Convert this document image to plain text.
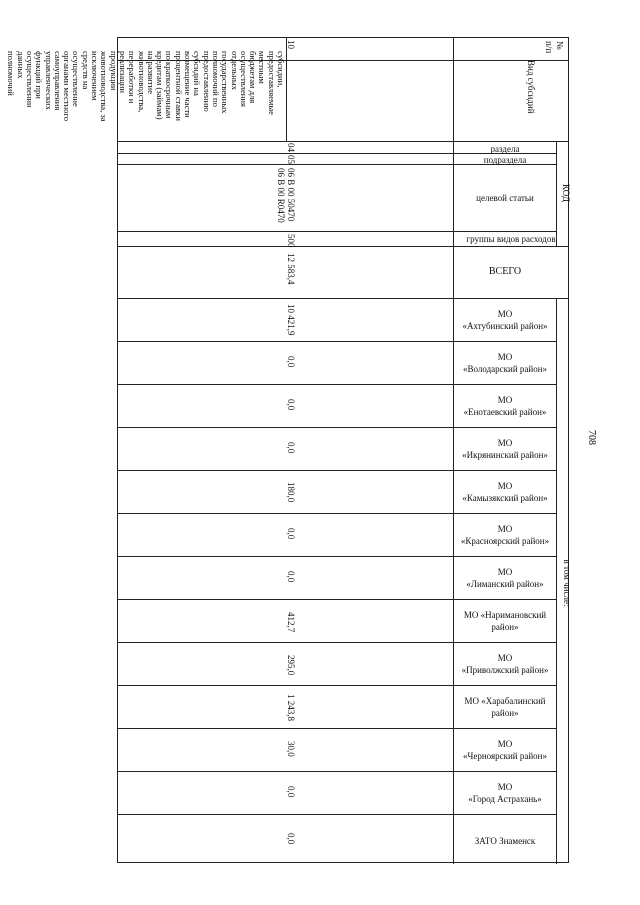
№
п/п
Вид субсидий
раздела
подраздела
целевой статьи
группы видов расходов
КОД
ВСЕГО
в том числе:
10
субсидии,
предоставляемые
местным
бюджетам для
осуществления
отдельных
государственных
полномочий по
предоставлению
субсидий на
возмещение части
процентной ставки
по краткосрочным
кредитам (займам)
на развитие
животноводства,
переработки и
реализации
продукции
животноводства, за
исключением
средств на
осуществление
органами местного
самоуправления
управленческих
функций при
осуществлении
данных
полномочий
04
05
06 В 00 50470
06 В 00 R0470
500
12 583,4
МО
«Ахтубинский район»
10 421,9
МО
«Володарский район»
0,0
МО
«Енотаевский район»
0,0
МО
«Икрянинский район»
0,0
МО
«Камызякский район»
180,0
МО
«Красноярский район»
0,0
МО
«Лиманский район»
0,0
МО «Наримановский
район»
412,7
МО
«Приволжский район»
295,0
МО «Харабалинский
район»
1 243,8
МО
«Черноярский район»
30,0
МО
«Город Астрахань»
0,0
ЗАТО Знаменск
0,0
708
